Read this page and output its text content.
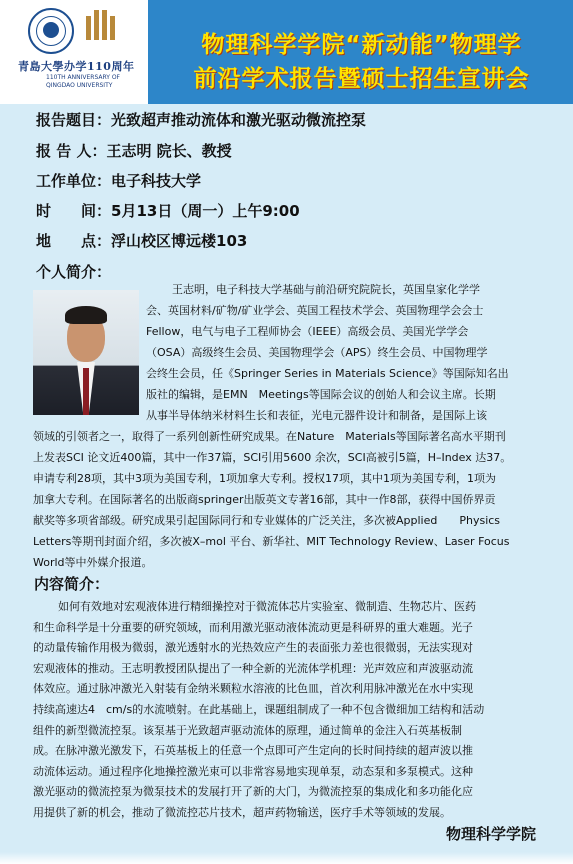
青島大學办学110周年
110TH ANNIVERSARY OF QINGDAO UNIVERSITY
物理科学学院“新动能”物理学
前沿学术报告暨硕士招生宣讲会
报告题目：光致超声推动流体和激光驱动微流控泵
报 告 人：王志明 院长、教授
工作单位：电子科技大学
时　　间：5月13日（周一）上午9:00
地　　点：浮山校区博远楼103
个人简介：
王志明，电子科技大学基础与前沿研究院院长，英国皇家化学学
会、英国材料/矿物/矿业学会、英国工程技术学会、英国物理学会会士
Fellow，电气与电子工程师协会（IEEE）高级会员、美国光学学会
（OSA）高级终生会员、美国物理学会（APS）终生会员、中国物理学
会终生会员，任《Springer Series in Materials Science》等国际知名出
版社的编辑，是EMN　Meetings等国际会议的创始人和会议主席。长期
从事半导体纳米材料生长和表征，光电元器件设计和制备，是国际上该
领域的引领者之一，取得了一系列创新性研究成果。在Nature　Materials等国际著名高水平期刊
上发表SCI 论文近400篇，其中一作37篇，SCI引用5600 余次，SCI高被引5篇，H–Index 达37。
申请专利28项，其中3项为美国专利，1项加拿大专利。授权17项，其中1项为美国专利，1项为
加拿大专利。在国际著名的出版商springer出版英文专著16部，其中一作8部，获得中国侨界贡
献奖等多项省部级。研究成果引起国际同行和专业媒体的广泛关注，多次被Applied　　Physics
Letters等期刊封面介绍，多次被X–mol 平台、新华社、MIT Technology Review、Laser Focus
World等中外媒介报道。
内容简介：
如何有效地对宏观液体进行精细操控对于微流体芯片实验室、微制造、生物芯片、医药
和生命科学是十分重要的研究领域，而利用激光驱动液体流动更是科研界的重大难题。光子
的动量传输作用极为微弱，激光透射水的光热效应产生的表面张力差也很微弱，无法实现对
宏观液体的推动。王志明教授团队提出了一种全新的光流体学机理：光声效应和声波驱动流
体效应。通过脉冲激光入射装有金纳米颗粒水溶液的比色皿，首次利用脉冲激光在水中实现
持续高速达4　cm/s的水流喷射。在此基础上，课题组制成了一种不包含微细加工结构和活动
组件的新型微流控泵。该泵基于光致超声驱动流体的原理，通过简单的金注入石英基板制
成。在脉冲激光激发下，石英基板上的任意一个点即可产生定向的长时间持续的超声波以推
动流体运动。通过程序化地操控激光束可以非常容易地实现单泵，动态泵和多泵模式。这种
激光驱动的微流控泵为微泵技术的发展打开了新的大门，为微流控泵的集成化和多功能化应
用提供了新的机会，推动了微流控芯片技术，超声药物输送，医疗手术等领域的发展。
物理科学学院
